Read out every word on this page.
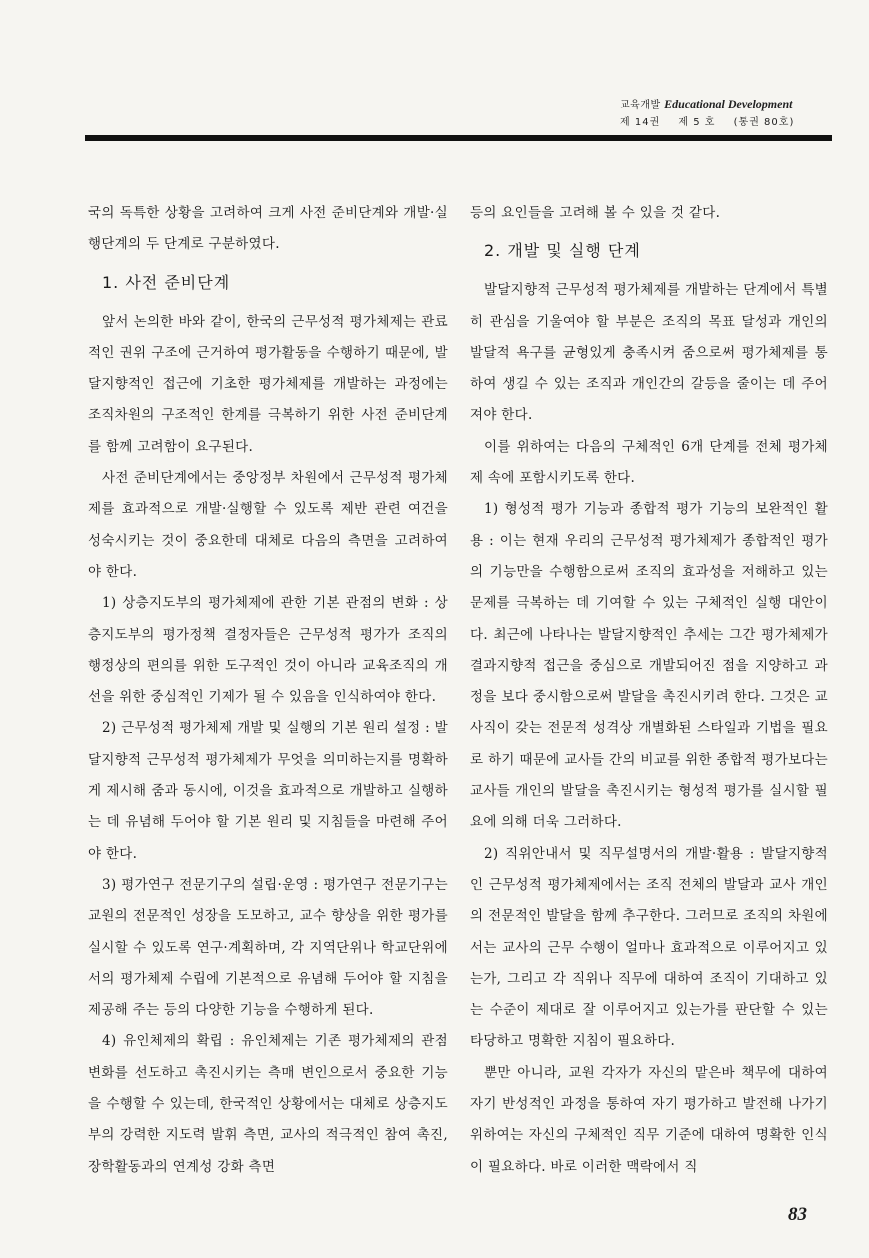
교육개발 Educational Development
제 14권 제 5 호 (통권 80호)

국의 독특한 상황을 고려하여 크게 사전 준비단계와 개발·실행단계의 두 단계로 구분하였다.

1. 사전 준비단계

앞서 논의한 바와 같이, 한국의 근무성적 평가체제는 관료적인 권위 구조에 근거하여 평가활동을 수행하기 때문에, 발달지향적인 접근에 기초한 평가체제를 개발하는 과정에는 조직차원의 구조적인 한계를 극복하기 위한 사전 준비단계를 함께 고려함이 요구된다.

사전 준비단계에서는 중앙정부 차원에서 근무성적 평가체제를 효과적으로 개발·실행할 수 있도록 제반 관련 여건을 성숙시키는 것이 중요한데 대체로 다음의 측면을 고려하여야 한다.

1) 상층지도부의 평가체제에 관한 기본 관점의 변화 : 상층지도부의 평가정책 결정자들은 근무성적 평가가 조직의 행정상의 편의를 위한 도구적인 것이 아니라 교육조직의 개선을 위한 중심적인 기제가 될 수 있음을 인식하여야 한다.

2) 근무성적 평가체제 개발 및 실행의 기본 원리 설정 : 발달지향적 근무성적 평가체제가 무엇을 의미하는지를 명확하게 제시해 줌과 동시에, 이것을 효과적으로 개발하고 실행하는 데 유념해 두어야 할 기본 원리 및 지침들을 마련해 주어야 한다.

3) 평가연구 전문기구의 설립·운영 : 평가연구 전문기구는 교원의 전문적인 성장을 도모하고, 교수 향상을 위한 평가를 실시할 수 있도록 연구·계획하며, 각 지역단위나 학교단위에서의 평가체제 수립에 기본적으로 유념해 두어야 할 지침을 제공해 주는 등의 다양한 기능을 수행하게 된다.

4) 유인체제의 확립 : 유인체제는 기존 평가체제의 관점 변화를 선도하고 촉진시키는 측매 변인으로서 중요한 기능을 수행할 수 있는데, 한국적인 상황에서는 대체로 상층지도부의 강력한 지도력 발휘 측면, 교사의 적극적인 참여 촉진, 장학활동과의 연계성 강화 측면

등의 요인들을 고려해 볼 수 있을 것 같다.

2. 개발 및 실행 단계

발달지향적 근무성적 평가체제를 개발하는 단계에서 특별히 관심을 기울여야 할 부분은 조직의 목표 달성과 개인의 발달적 욕구를 균형있게 충족시켜 줌으로써 평가체제를 통하여 생길 수 있는 조직과 개인간의 갈등을 줄이는 데 주어져야 한다.

이를 위하여는 다음의 구체적인 6개 단계를 전체 평가체제 속에 포함시키도록 한다.

1) 형성적 평가 기능과 종합적 평가 기능의 보완적인 활용 : 이는 현재 우리의 근무성적 평가체제가 종합적인 평가의 기능만을 수행함으로써 조직의 효과성을 저해하고 있는 문제를 극복하는 데 기여할 수 있는 구체적인 실행 대안이다. 최근에 나타나는 발달지향적인 추세는 그간 평가체제가 결과지향적 접근을 중심으로 개발되어진 점을 지양하고 과정을 보다 중시함으로써 발달을 촉진시키려 한다. 그것은 교사직이 갖는 전문적 성격상 개별화된 스타일과 기법을 필요로 하기 때문에 교사들 간의 비교를 위한 종합적 평가보다는 교사들 개인의 발달을 촉진시키는 형성적 평가를 실시할 필요에 의해 더욱 그러하다.

2) 직위안내서 및 직무설명서의 개발·활용 : 발달지향적인 근무성적 평가체제에서는 조직 전체의 발달과 교사 개인의 전문적인 발달을 함께 추구한다. 그러므로 조직의 차원에서는 교사의 근무 수행이 얼마나 효과적으로 이루어지고 있는가, 그리고 각 직위나 직무에 대하여 조직이 기대하고 있는 수준이 제대로 잘 이루어지고 있는가를 판단할 수 있는 타당하고 명확한 지침이 필요하다.

뿐만 아니라, 교원 각자가 자신의 맡은바 책무에 대하여 자기 반성적인 과정을 통하여 자기 평가하고 발전해 나가기 위하여는 자신의 구체적인 직무 기준에 대하여 명확한 인식이 필요하다. 바로 이러한 맥락에서 직

83
